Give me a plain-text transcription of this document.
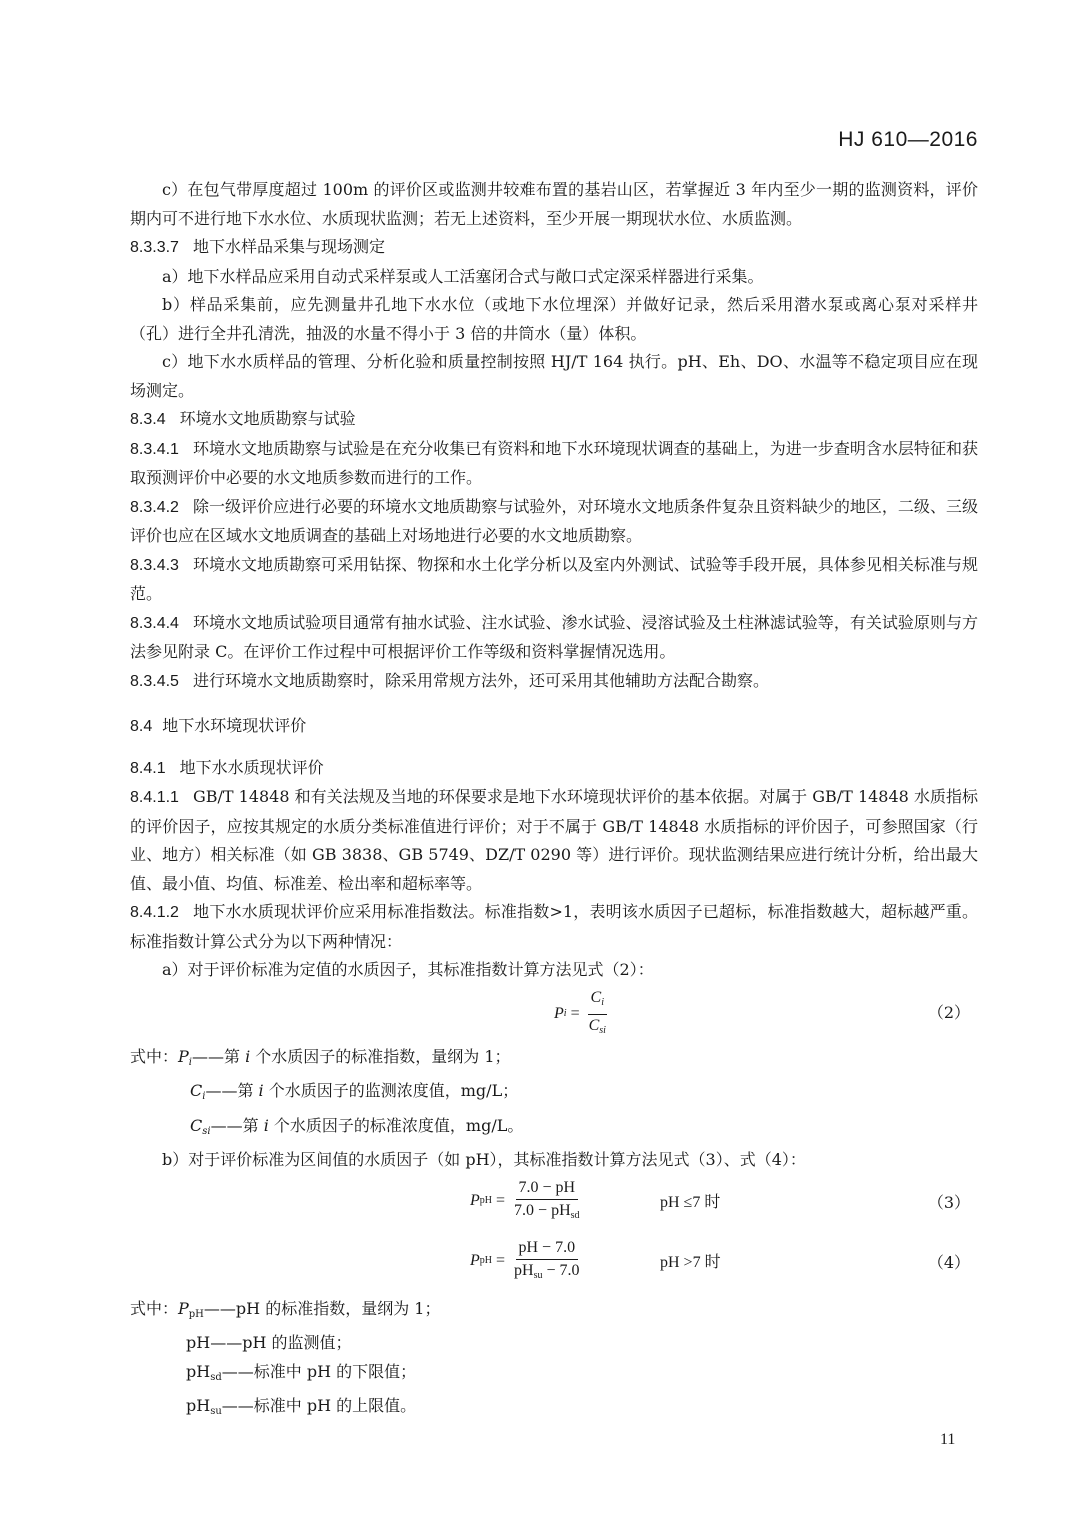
HJ 610—2016

c）在包气带厚度超过 100m 的评价区或监测井较难布置的基岩山区，若掌握近 3 年内至少一期的监测资料，评价期内可不进行地下水水位、水质现状监测；若无上述资料，至少开展一期现状水位、水质监测。

8.3.3.7 地下水样品采集与现场测定

a）地下水样品应采用自动式采样泵或人工活塞闭合式与敞口式定深采样器进行采集。

b）样品采集前，应先测量井孔地下水水位（或地下水位埋深）并做好记录，然后采用潜水泵或离心泵对采样井（孔）进行全井孔清洗，抽汲的水量不得小于 3 倍的井筒水（量）体积。

c）地下水水质样品的管理、分析化验和质量控制按照 HJ/T 164 执行。pH、Eh、DO、水温等不稳定项目应在现场测定。

8.3.4 环境水文地质勘察与试验

8.3.4.1 环境水文地质勘察与试验是在充分收集已有资料和地下水环境现状调查的基础上，为进一步查明含水层特征和获取预测评价中必要的水文地质参数而进行的工作。

8.3.4.2 除一级评价应进行必要的环境水文地质勘察与试验外，对环境水文地质条件复杂且资料缺少的地区，二级、三级评价也应在区域水文地质调查的基础上对场地进行必要的水文地质勘察。

8.3.4.3 环境水文地质勘察可采用钻探、物探和水土化学分析以及室内外测试、试验等手段开展，具体参见相关标准与规范。

8.3.4.4 环境水文地质试验项目通常有抽水试验、注水试验、渗水试验、浸溶试验及土柱淋滤试验等，有关试验原则与方法参见附录 C。在评价工作过程中可根据评价工作等级和资料掌握情况选用。

8.3.4.5 进行环境水文地质勘察时，除采用常规方法外，还可采用其他辅助方法配合勘察。

8.4 地下水环境现状评价

8.4.1 地下水水质现状评价

8.4.1.1 GB/T 14848 和有关法规及当地的环保要求是地下水环境现状评价的基本依据。对属于 GB/T 14848 水质指标的评价因子，应按其规定的水质分类标准值进行评价；对于不属于 GB/T 14848 水质指标的评价因子，可参照国家（行业、地方）相关标准（如 GB 3838、GB 5749、DZ/T 0290 等）进行评价。现状监测结果应进行统计分析，给出最大值、最小值、均值、标准差、检出率和超标率等。

8.4.1.2 地下水水质现状评价应采用标准指数法。标准指数>1，表明该水质因子已超标，标准指数越大，超标越严重。标准指数计算公式分为以下两种情况：

a）对于评价标准为定值的水质因子，其标准指数计算方法见式（2）：

P $i = \frac{C_i}{C_{si}}$	（2）

式中：$P_i——$第 i 个水质因子的标准指数，量纲为 1；

$C_i——$第 i 个水质因子的监测浓度值，mg/L；

$C_{si}——$第 i 个水质因子的标准浓度值，mg/L。

b）对于评价标准为区间值的水质因子（如 pH），其标准指数计算方法见式（3）、式（4）：

P pH = $\frac{7.0 - pH}{7.0 - pH_{sd}}$	pH ≤7 时	（3）
P pH = $\frac{pH - 7.0}{pH_{su} - 7.0}$	pH >7 时	（4）

式中：$P_{pH}——pH$ 的标准指数，量纲为 1；

pH——pH 的监测值；

$pH_{sd}——$标准中 pH 的下限值；

$pH_{su}——$标准中 pH 的上限值。

11
